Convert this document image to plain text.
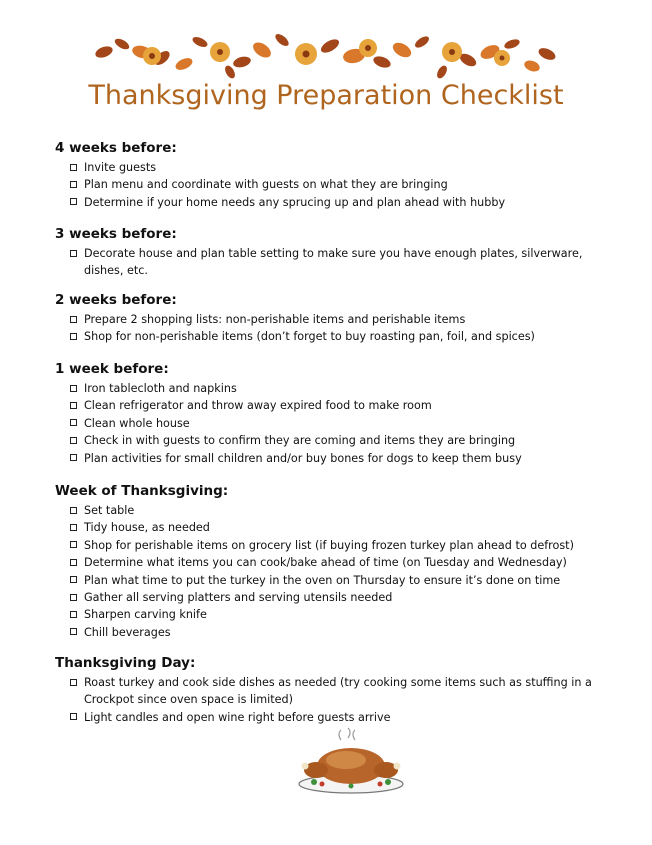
Thanksgiving Preparation Checklist
4 weeks before:
Invite guests
Plan menu and coordinate with guests on what they are bringing
Determine if your home needs any sprucing up and plan ahead with hubby
3 weeks before:
Decorate house and plan table setting to make sure you have enough plates, silverware, dishes, etc.
2 weeks before:
Prepare 2 shopping lists: non-perishable items and perishable items
Shop for non-perishable items (don’t forget to buy roasting pan, foil, and spices)
1 week before:
Iron tablecloth and napkins
Clean refrigerator and throw away expired food to make room
Clean whole house
Check in with guests to confirm they are coming and items they are bringing
Plan activities for small children and/or buy bones for dogs to keep them busy
Week of Thanksgiving:
Set table
Tidy house, as needed
Shop for perishable items on grocery list (if buying frozen turkey plan ahead to defrost)
Determine what items you can cook/bake ahead of time (on Tuesday and Wednesday)
Plan what time to put the turkey in the oven on Thursday to ensure it’s done on time
Gather all serving platters and serving utensils needed
Sharpen carving knife
Chill beverages
Thanksgiving Day:
Roast turkey and cook side dishes as needed (try cooking some items such as stuffing in a Crockpot since oven space is limited)
Light candles and open wine right before guests arrive
